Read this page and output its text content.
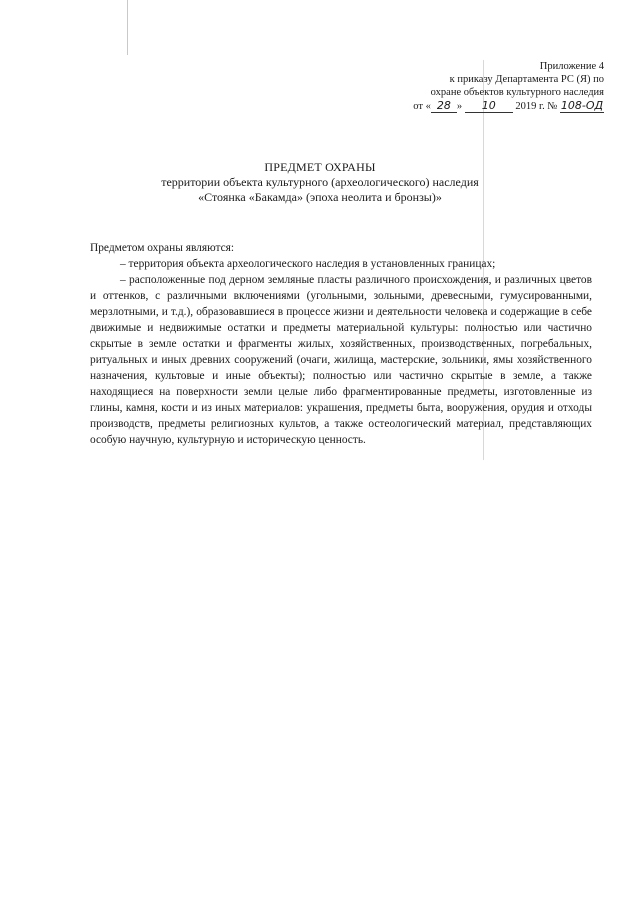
Приложение 4
к приказу Департамента РС (Я) по
охране объектов культурного наследия
от « 28 » 10 2019 г. № 108-ОД
ПРЕДМЕТ ОХРАНЫ
территории объекта культурного (археологического) наследия
«Стоянка «Бакамда» (эпоха неолита и бронзы)»

Предметом охраны являются:

– территория объекта археологического наследия в установленных границах;

– расположенные под дерном земляные пласты различного происхождения, и различных цветов и оттенков, с различными включениями (угольными, зольными, древесными, гумусированными, мерзлотными, и т.д.), образовавшиеся в процессе жизни и деятельности человека и содержащие в себе движимые и недвижимые остатки и предметы материальной культуры: полностью или частично скрытые в земле остатки и фрагменты жилых, хозяйственных, производственных, погребальных, ритуальных и иных древних сооружений (очаги, жилища, мастерские, зольники, ямы хозяйственного назначения, культовые и иные объекты); полностью или частично скрытые в земле, а также находящиеся на поверхности земли целые либо фрагментированные предметы, изготовленные из глины, камня, кости и из иных материалов: украшения, предметы быта, вооружения, орудия и отходы производств, предметы религиозных культов, а также остеологический материал, представляющих особую научную, культурную и историческую ценность.
